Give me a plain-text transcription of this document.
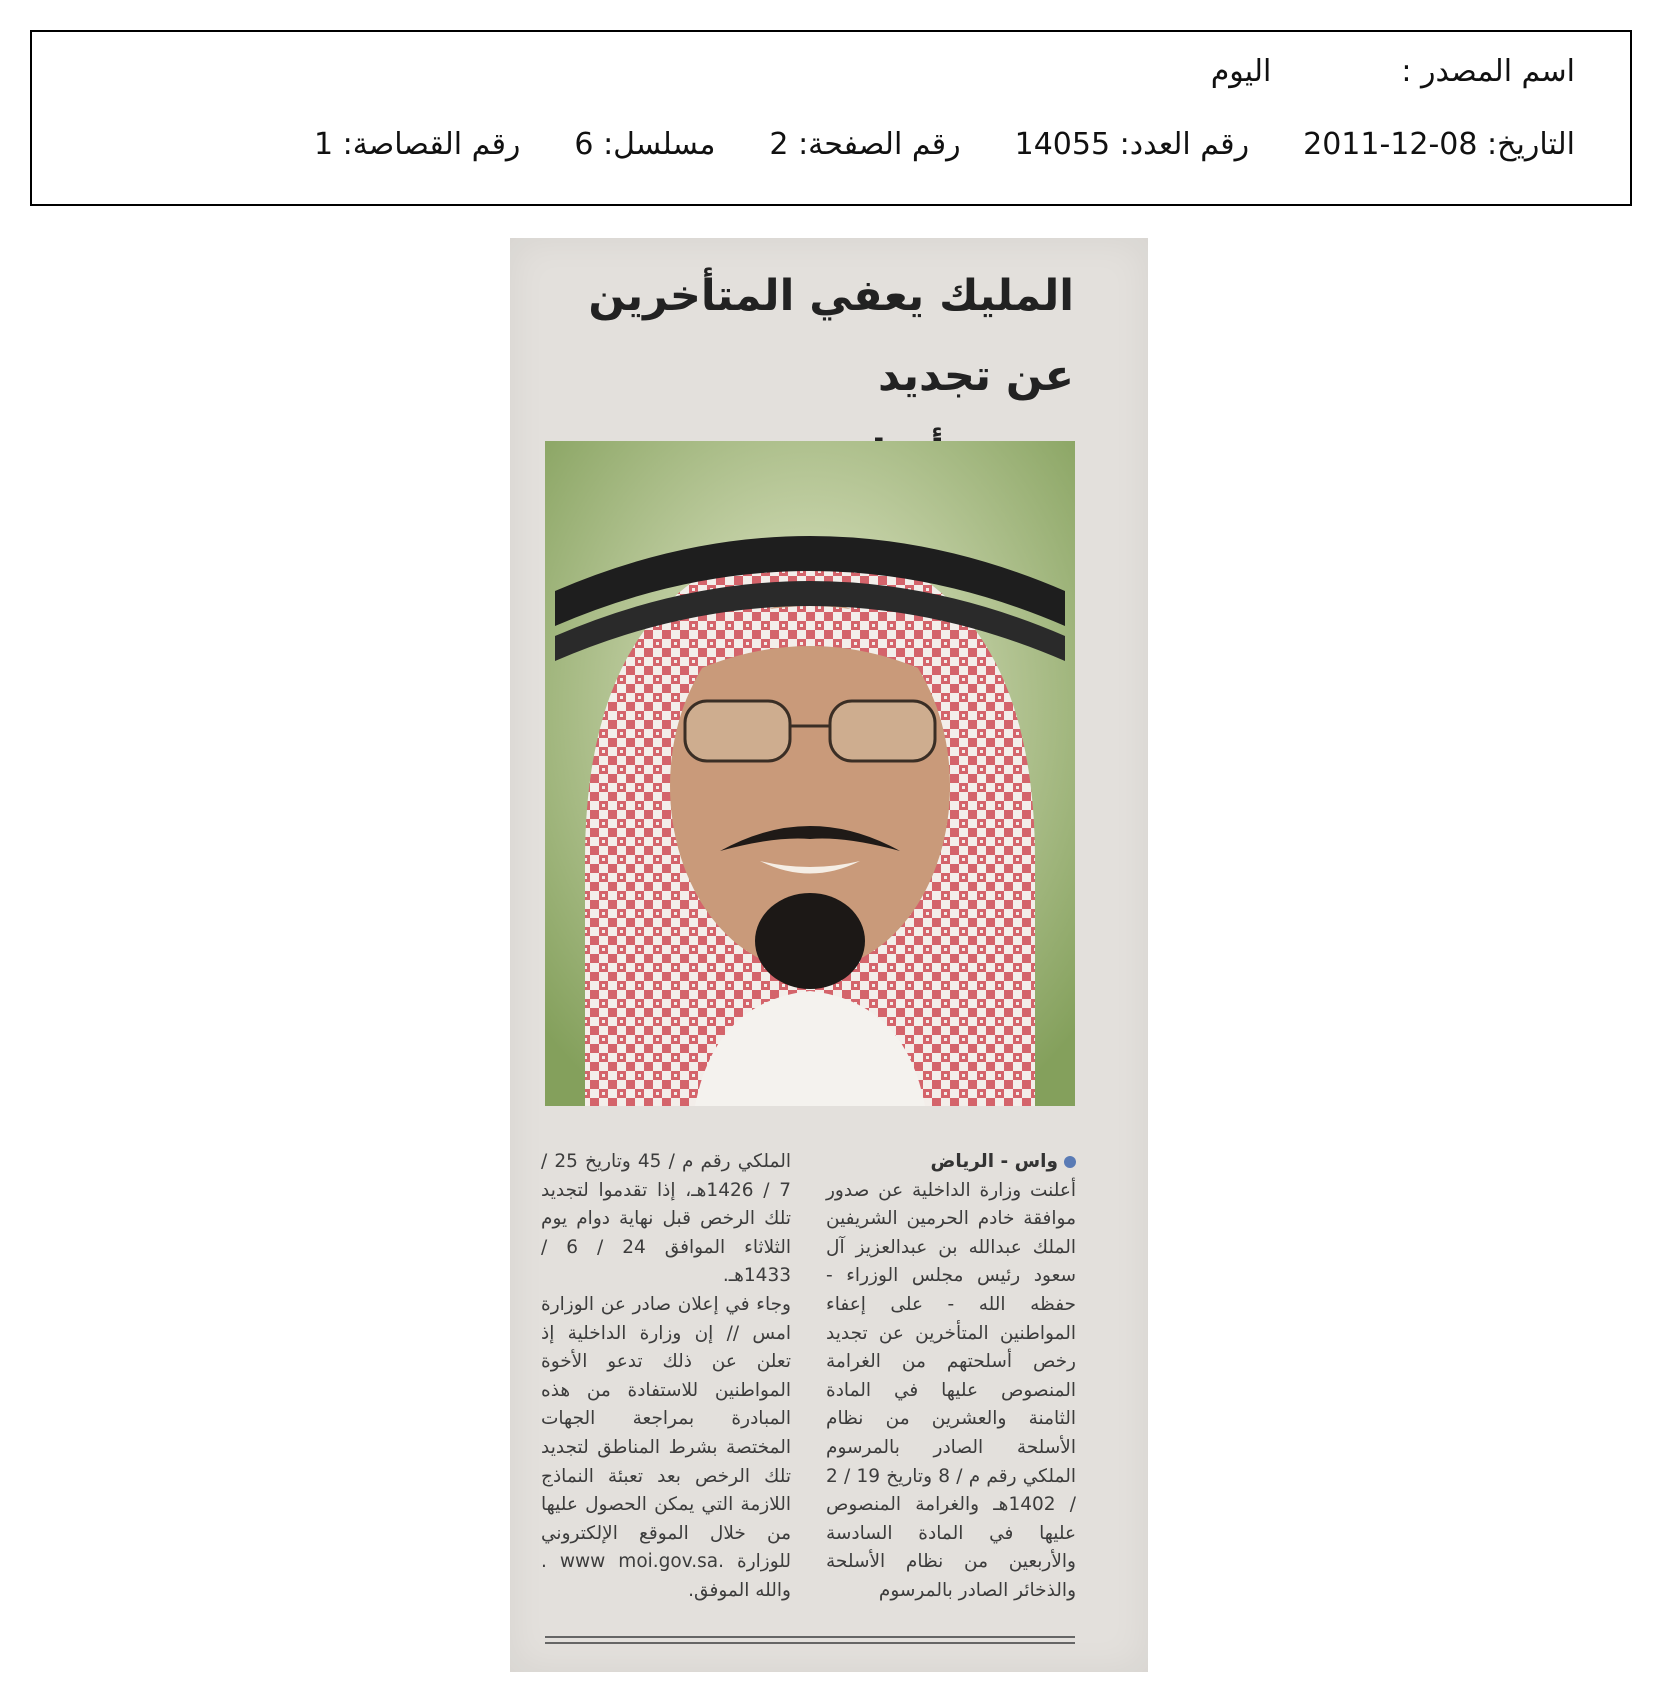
اسم المصدر :اليوم
التاريخ: 2011-12-08رقم العدد: 14055رقم الصفحة: 2مسلسل: 6رقم القصاصة: 1
المليك يعفي المتأخرين عن تجديد
واس - الرياض
أعلنت وزارة الداخلية عن صدور موافقة خادم الحرمين الشريفين الملك عبدالله بن عبدالعزيز آل سعود رئيس مجلس الوزراء - حفظه الله - على إعفاء المواطنين المتأخرين عن تجديد رخص أسلحتهم من الغرامة المنصوص عليها في المادة الثامنة والعشرين من نظام الأسلحة الصادر بالمرسوم الملكي رقم م / 8 وتاريخ 19 / 2 / 1402هـ والغرامة المنصوص عليها في المادة السادسة والأربعين من نظام الأسلحة والذخائر الصادر بالمرسوم
الملكي رقم م / 45 وتاريخ 25 / 7 / 1426هـ، إذا تقدموا لتجديد تلك الرخص قبل نهاية دوام يوم الثلاثاء الموافق 24 / 6 / 1433هـ.
وجاء في إعلان صادر عن الوزارة امس // إن وزارة الداخلية إذ تعلن عن ذلك تدعو الأخوة المواطنين للاستفادة من هذه المبادرة بمراجعة الجهات المختصة بشرط المناطق لتجديد تلك الرخص بعد تعبئة النماذج اللازمة التي يمكن الحصول عليها من خلال الموقع الإلكتروني للوزارة .www moi.gov.sa . والله الموفق.
